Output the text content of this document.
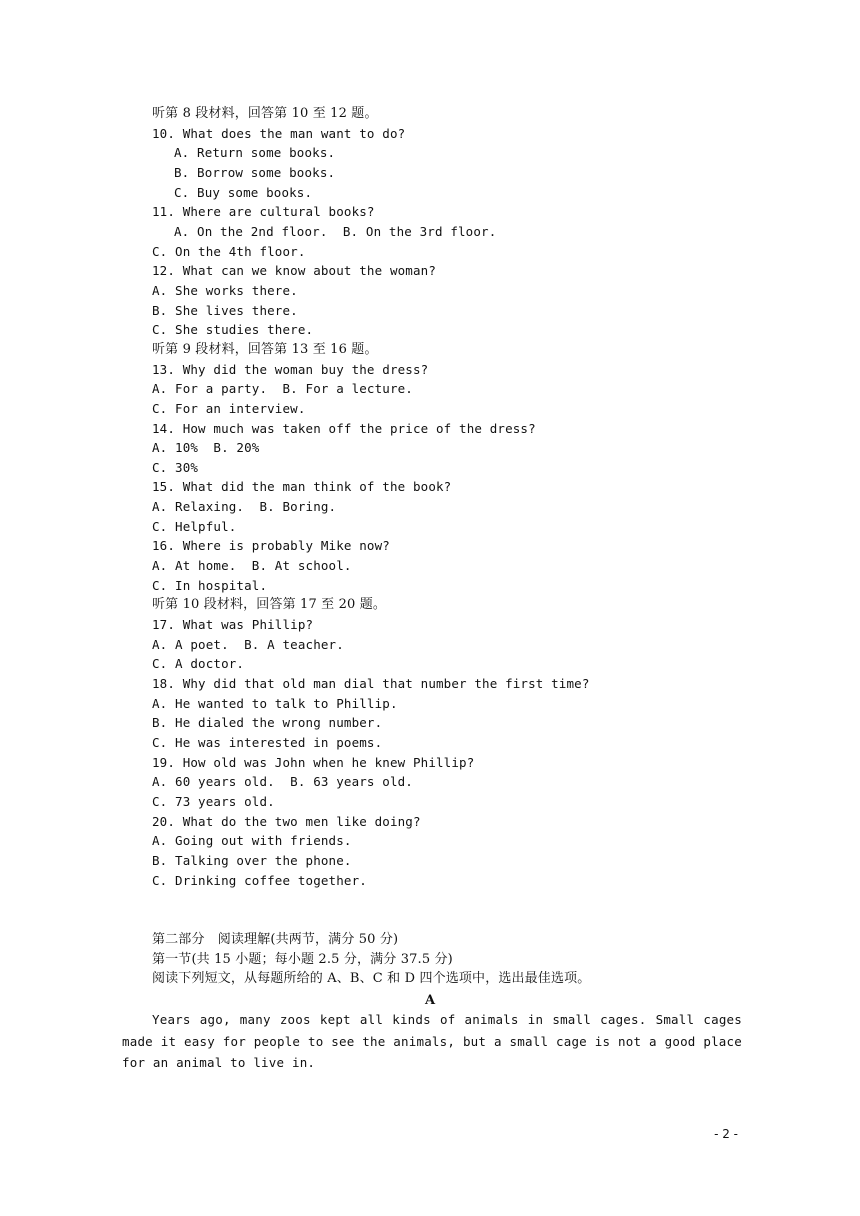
听第 8 段材料，回答第 10 至 12 题。
10. What does the man want to do?
A. Return some books.
B. Borrow some books.
C. Buy some books.
11. Where are cultural books?
A. On the 2nd floor.  B. On the 3rd floor.
C. On the 4th floor.
12. What can we know about the woman?
A. She works there.
B. She lives there.
C. She studies there.
听第 9 段材料，回答第 13 至 16 题。
13. Why did the woman buy the dress?
A. For a party.  B. For a lecture.
C. For an interview.
14. How much was taken off the price of the dress?
A. 10%  B. 20%
C. 30%
15. What did the man think of the book?
A. Relaxing.  B. Boring.
C. Helpful.
16. Where is probably Mike now?
A. At home.  B. At school.
C. In hospital.
听第 10 段材料，回答第 17 至 20 题。
17. What was Phillip?
A. A poet.  B. A teacher.
C. A doctor.
18. Why did that old man dial that number the first time?
A. He wanted to talk to Phillip.
B. He dialed the wrong number.
C. He was interested in poems.
19. How old was John when he knew Phillip?
A. 60 years old.  B. 63 years old.
C. 73 years old.
20. What do the two men like doing?
A. Going out with friends.
B. Talking over the phone.
C. Drinking coffee together.
第二部分　阅读理解(共两节，满分 50 分)
第一节(共 15 小题；每小题 2.5 分，满分 37.5 分)
阅读下列短文，从每题所给的 A、B、C 和 D 四个选项中，选出最佳选项。
A
Years ago, many zoos kept all kinds of animals in small cages. Small cages made it easy for people to see the animals, but a small cage is not a good place for an animal to live in.
- 2 -
